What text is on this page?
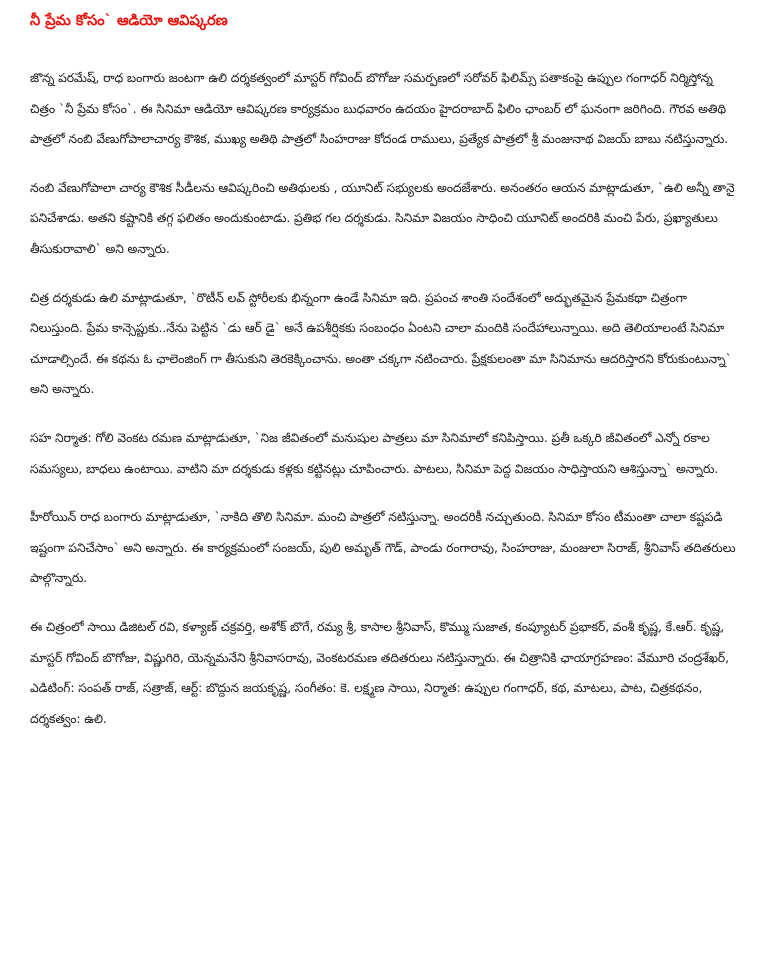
నీ ప్రేమ కోసం` ఆడియో ఆవిష్కరణ

జొన్న పరమేష్, రాధ బంగారు జంటగా ఉలి దర్శకత్వంలో మాస్టర్ గోవింద్ బొగోజు సమర్పణలో సరోవర్ ఫిలిమ్స్ పతాకంపై ఉప్పుల గంగాధర్ నిర్మిస్తోన్న చిత్రం `నీ ప్రేమ కోసం`. ఈ సినిమా ఆడియో ఆవిష్కరణ కార్యక్రమం బుధవారం ఉదయం హైదరాబాద్ ఫిలిం ఛాంబర్ లో ఘనంగా జరిగింది. గౌరవ అతిథి పాత్రలో నంబి వేణుగోపాలాచార్య కౌశిక, ముఖ్య అతిథి పాత్రలో సింహరాజు కోదండ రాములు, ప్రత్యేక పాత్రలో శ్రీ మంజునాథ విజయ్ బాబు నటిస్తున్నారు.

నంబి వేణుగోపాలా చార్య కౌశిక సీడీలను ఆవిష్కరించి అతిథులకు , యూనిట్ సభ్యులకు అందజేశారు. అనంతరం ఆయన మాట్లాడుతూ, `ఉలి అన్నీ తానై పనిచేశాడు. అతని కష్టానికి తగ్గ ఫలితం అందుకుంటాడు. ప్రతిభ గల దర్శకుడు. సినిమా విజయం సాధించి యూనిట్ అందరికి మంచి పేరు, ప్రఖ్యాతులు తీసుకురావాలి` అని అన్నారు.

చిత్ర దర్శకుడు ఉలి మాట్లాడుతూ, `రొటీన్ లవ్ స్టోరీలకు భిన్నంగా ఉండే సినిమా ఇది. ప్రపంచ శాంతి సందేశంలో అద్భుతమైన ప్రేమకథా చిత్రంగా నిలుస్తుంది. ప్రేమ కాన్సెప్టుకు..నేను పెట్టిన `డు ఆర్ డై` అనే ఉపశీర్షికకు సంబంధం ఏంటని చాలా మందికి సందేహాలున్నాయి. అది తెలియాలంటే సినిమా చూడాల్సిందే. ఈ కథను ఓ ఛాలెంజింగ్ గా తీసుకుని తెరకెక్కించాను. అంతా చక్కగా నటించారు. ప్రేక్షకులంతా మా సినిమాను ఆదరిస్తారని కోరుకుంటున్నా` అని అన్నారు.

సహ నిర్మాత: గోలి వెంకట రమణ మాట్లాడుతూ, `నిజ జీవితంలో మనుషుల పాత్రలు మా సినిమాలో కనిపిస్తాయి. ప్రతీ ఒక్కరి జీవితంలో ఎన్నో రకాల సమస్యలు, బాధలు ఉంటాయి. వాటిని మా దర్శకుడు కళ్లకు కట్టినట్లు చూపించారు. పాటలు, సినిమా పెద్ద విజయం సాధిస్తాయని ఆశిస్తున్నా` అన్నారు.

హీరోయిన్ రాధ బంగారు మాట్లాడుతూ, `నాకిది తొలి సినిమా. మంచి పాత్రలో నటిస్తున్నా. అందరికీ నచ్చుతుంది. సినిమా కోసం టీమంతా చాలా కష్టపడి ఇష్టంగా పనిచేసాం` అని అన్నారు. ఈ కార్యక్రమంలో సంజయ్, పులి అమృత్ గౌడ్, పాండు రంగారావు, సింహరాజు, మంజులా సిరాజ్, శ్రీనివాస్ తదితరులు పాల్గొన్నారు.

ఈ చిత్రంలో సాయి డిజిటల్ రవి, కళ్యాణ్ చక్రవర్తి, అశోక్ బొగే, రమ్య శ్రీ, కాసాల శ్రీనివాస్, కొమ్ము సుజాత, కంప్యూటర్ ప్రభాకర్, వంశీ కృష్ణ, కే.ఆర్. కృష్ణ, మాస్టర్ గోవింద్ బొగోజు, విష్ణుగిరి, యెన్నమనేని శ్రీనివాసరావు, వెంకటరమణ తదితరులు నటిస్తున్నారు. ఈ చిత్రానికి ఛాయాగ్రహణం: వేమూరి చంద్రశేఖర్, ఎడిటింగ్: సంపత్ రాజ్, సత్రాజ్, ఆర్ట్: బొద్దున జయకృష్ణ, సంగీతం: కె. లక్ష్మణ సాయి, నిర్మాత: ఉప్పుల గంగాధర్, కథ, మాటలు, పాట, చిత్రకథనం, దర్శకత్వం: ఉలి.
